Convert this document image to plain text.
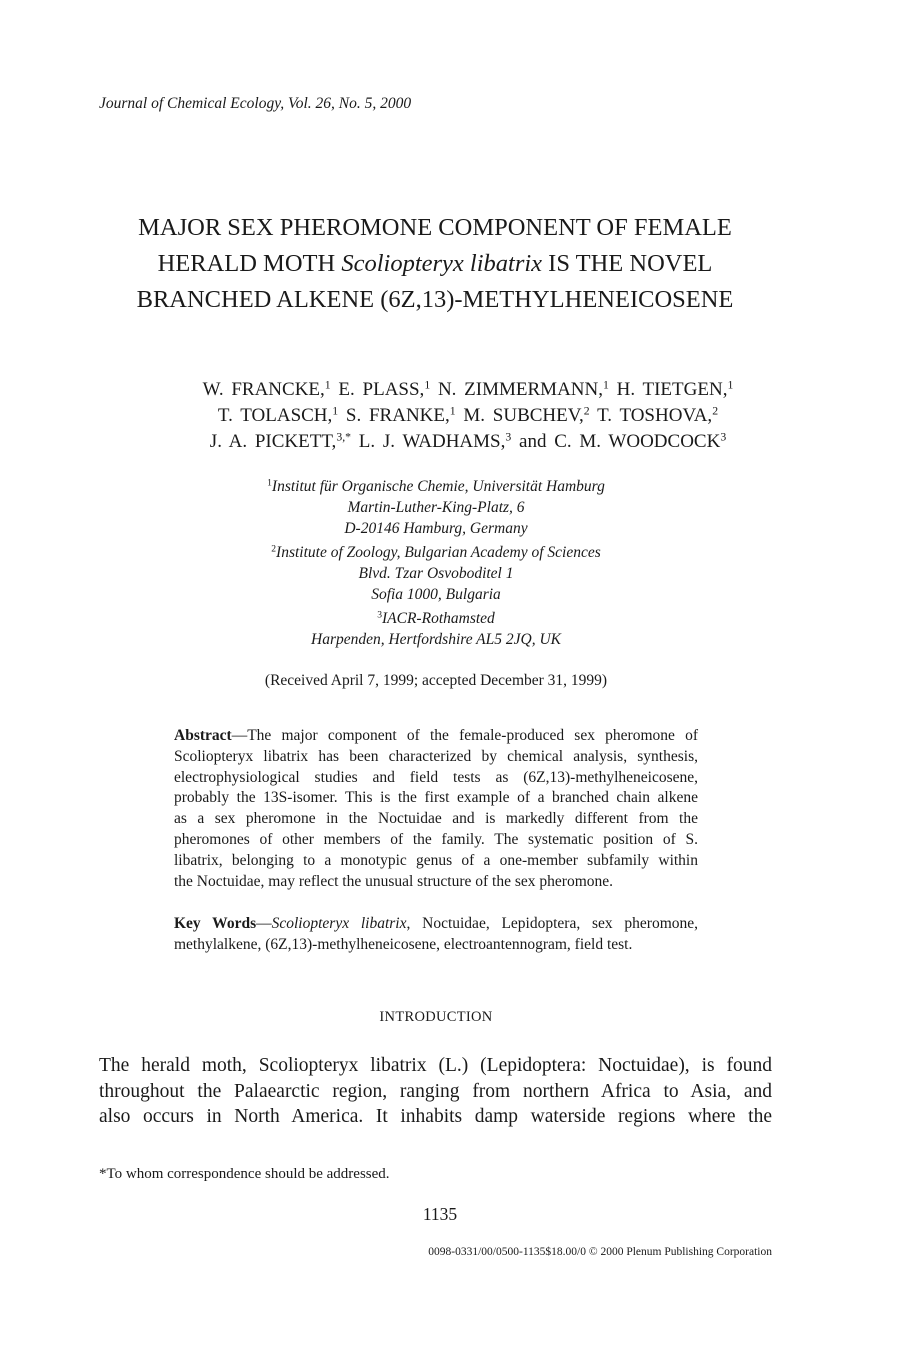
Journal of Chemical Ecology, Vol. 26, No. 5, 2000
MAJOR SEX PHEROMONE COMPONENT OF FEMALE
HERALD MOTH Scoliopteryx libatrix IS THE NOVEL
BRANCHED ALKENE (6Z,13)-METHYLHENEICOSENE
W. FRANCKE,$^1$ E. PLASS,$^1$ N. ZIMMERMANN,$^1$ H. TIETGEN,$^1$
T. TOLASCH,$^1$ S. FRANKE,$^1$ M. SUBCHEV,$^2$ T. TOSHOVA,$^2$
J. A. PICKETT,$^{3,*}$ L. J. WADHAMS,$^3$ and C. M. WOODCOCK$^3$
$^1$Institut für Organische Chemie, Universität Hamburg
Martin-Luther-King-Platz, 6
D-20146 Hamburg, Germany
$^2$Institute of Zoology, Bulgarian Academy of Sciences
Blvd. Tzar Osvoboditel 1
Sofia 1000, Bulgaria
$^3$IACR-Rothamsted
Harpenden, Hertfordshire AL5 2JQ, UK
(Received April 7, 1999; accepted December 31, 1999)
Abstract—The major component of the female-produced sex pheromone of
Scoliopteryx libatrix has been characterized by chemical analysis, synthesis,
electrophysiological studies and field tests as (6Z,13)-methylheneicosene,
probably the 13S-isomer. This is the first example of a branched chain alkene
as a sex pheromone in the Noctuidae and is markedly different from the
pheromones of other members of the family. The systematic position of S.
libatrix, belonging to a monotypic genus of a one-member subfamily within
the Noctuidae, may reflect the unusual structure of the sex pheromone.
Key Words—Scoliopteryx libatrix, Noctuidae, Lepidoptera, sex pheromone,
methylalkene, (6Z,13)-methylheneicosene, electroantennogram, field test.
INTRODUCTION
The herald moth, Scoliopteryx libatrix (L.) (Lepidoptera: Noctuidae), is found
throughout the Palaearctic region, ranging from northern Africa to Asia, and
also occurs in North America. It inhabits damp waterside regions where the
*To whom correspondence should be addressed.
1135
0098-0331/00/0500-1135$18.00/0 © 2000 Plenum Publishing Corporation
